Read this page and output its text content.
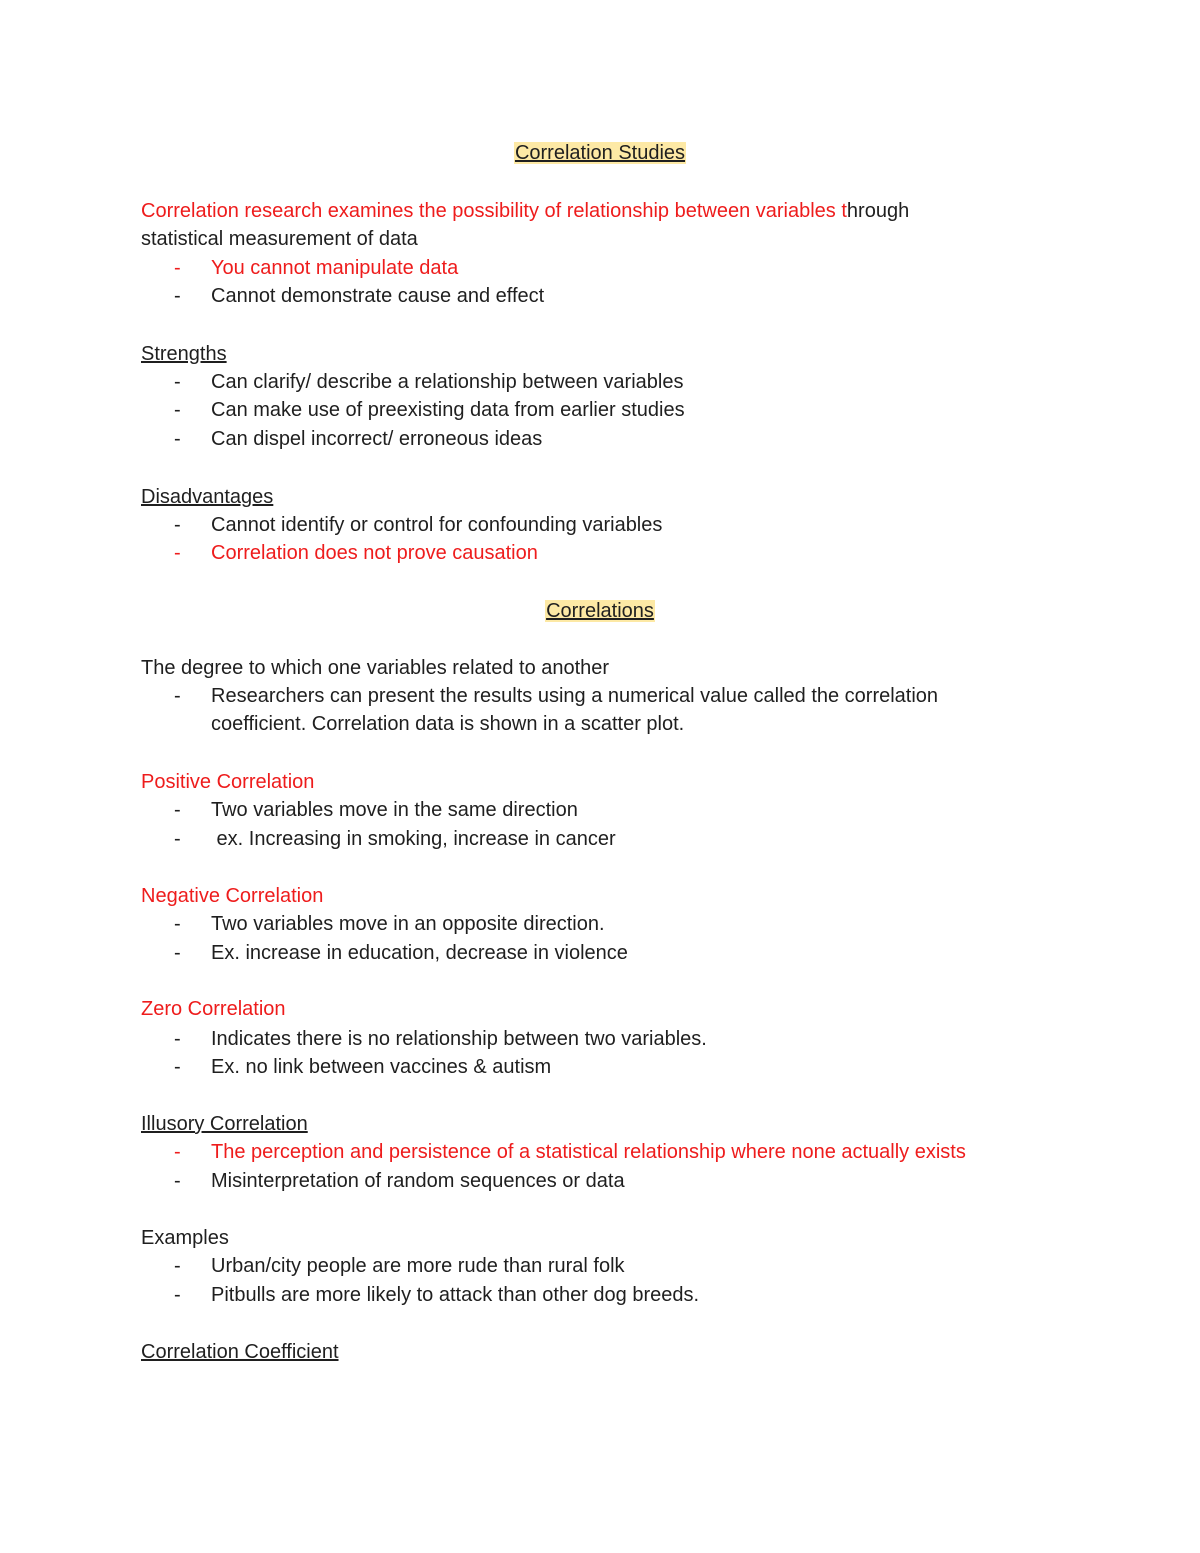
Correlation Studies
Correlation research examines the possibility of relationship between variables through
statistical measurement of data
- You cannot manipulate data
- Cannot demonstrate cause and effect
Strengths
- Can clarify/ describe a relationship between variables
- Can make use of preexisting data from earlier studies
- Can dispel incorrect/ erroneous ideas
Disadvantages
- Cannot identify or control for confounding variables
- Correlation does not prove causation
Correlations
The degree to which one variables related to another
- Researchers can present the results using a numerical value called the correlation
coefficient. Correlation data is shown in a scatter plot.
Positive Correlation
- Two variables move in the same direction
- ex. Increasing in smoking, increase in cancer
Negative Correlation
- Two variables move in an opposite direction.
- Ex. increase in education, decrease in violence
Zero Correlation
- Indicates there is no relationship between two variables.
- Ex. no link between vaccines & autism
Illusory Correlation
- The perception and persistence of a statistical relationship where none actually exists
- Misinterpretation of random sequences or data
Examples
- Urban/city people are more rude than rural folk
- Pitbulls are more likely to attack than other dog breeds.
Correlation Coefficient
